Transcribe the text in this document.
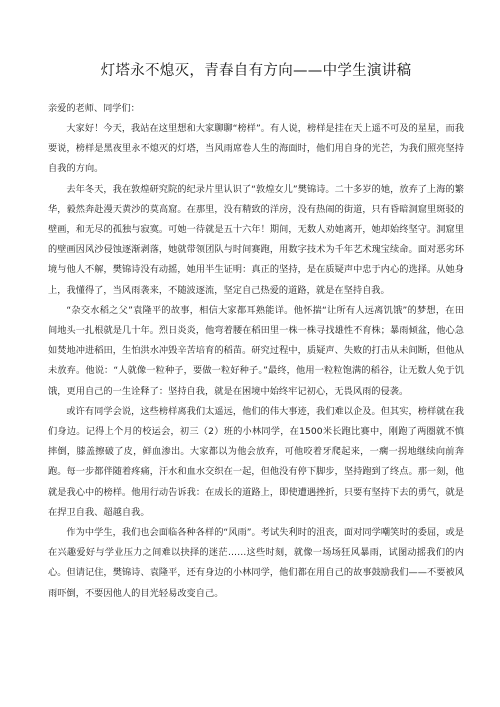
灯塔永不熄灭，青春自有方向——中学生演讲稿

亲爱的老师、同学们：

大家好！今天，我站在这里想和大家聊聊“榜样”。有人说，榜样是挂在天上遥不可及的星星，而我要说，榜样是黑夜里永不熄灭的灯塔，当风雨席卷人生的海面时，他们用自身的光芒，为我们照亮坚持自我的方向。

去年冬天，我在敦煌研究院的纪录片里认识了“敦煌女儿”樊锦诗。二十多岁的她，放弃了上海的繁华，毅然奔赴漫天黄沙的莫高窟。在那里，没有精致的洋房，没有热闹的街道，只有昏暗洞窟里斑驳的壁画，和无尽的孤独与寂寞。可她一待就是五十六年！期间，无数人劝她离开，她却始终坚守。洞窟里的壁画因风沙侵蚀逐渐剥落，她就带领团队与时间赛跑，用数字技术为千年艺术瑰宝续命。面对恶劣环境与他人不解，樊锦诗没有动摇，她用半生证明：真正的坚持，是在质疑声中忠于内心的选择。从她身上，我懂得了，当风雨袭来，不随波逐流，坚定自己热爱的道路，就是在坚持自我。

“杂交水稻之父”袁隆平的故事，相信大家都耳熟能详。他怀揣“让所有人远离饥饿”的梦想，在田间地头一扎根就是几十年。烈日炎炎，他弯着腰在稻田里一株一株寻找雄性不育株；暴雨倾盆，他心急如焚地冲进稻田，生怕洪水冲毁辛苦培育的稻苗。研究过程中，质疑声、失败的打击从未间断，但他从未放弃。他说：“人就像一粒种子，要做一粒好种子。”最终，他用一粒粒饱满的稻谷，让无数人免于饥饿，更用自己的一生诠释了：坚持自我，就是在困境中始终牢记初心，无畏风雨的侵袭。

或许有同学会说，这些榜样离我们太遥远，他们的伟大事迹，我们难以企及。但其实，榜样就在我们身边。记得上个月的校运会，初三（2）班的小林同学，在1500米长跑比赛中，刚跑了两圈就不慎摔倒，膝盖擦破了皮，鲜血渗出。大家都以为他会放弃，可他咬着牙爬起来，一瘸一拐地继续向前奔跑。每一步都伴随着疼痛，汗水和血水交织在一起，但他没有停下脚步，坚持跑到了终点。那一刻，他就是我心中的榜样。他用行动告诉我：在成长的道路上，即使遭遇挫折，只要有坚持下去的勇气，就是在捍卫自我、超越自我。

作为中学生，我们也会面临各种各样的“风雨”。考试失利时的沮丧，面对同学嘲笑时的委屈，或是在兴趣爱好与学业压力之间难以抉择的迷茫……这些时刻，就像一场场狂风暴雨，试图动摇我们的内心。但请记住，樊锦诗、袁隆平，还有身边的小林同学，他们都在用自己的故事鼓励我们——不要被风雨吓倒，不要因他人的目光轻易改变自己。
